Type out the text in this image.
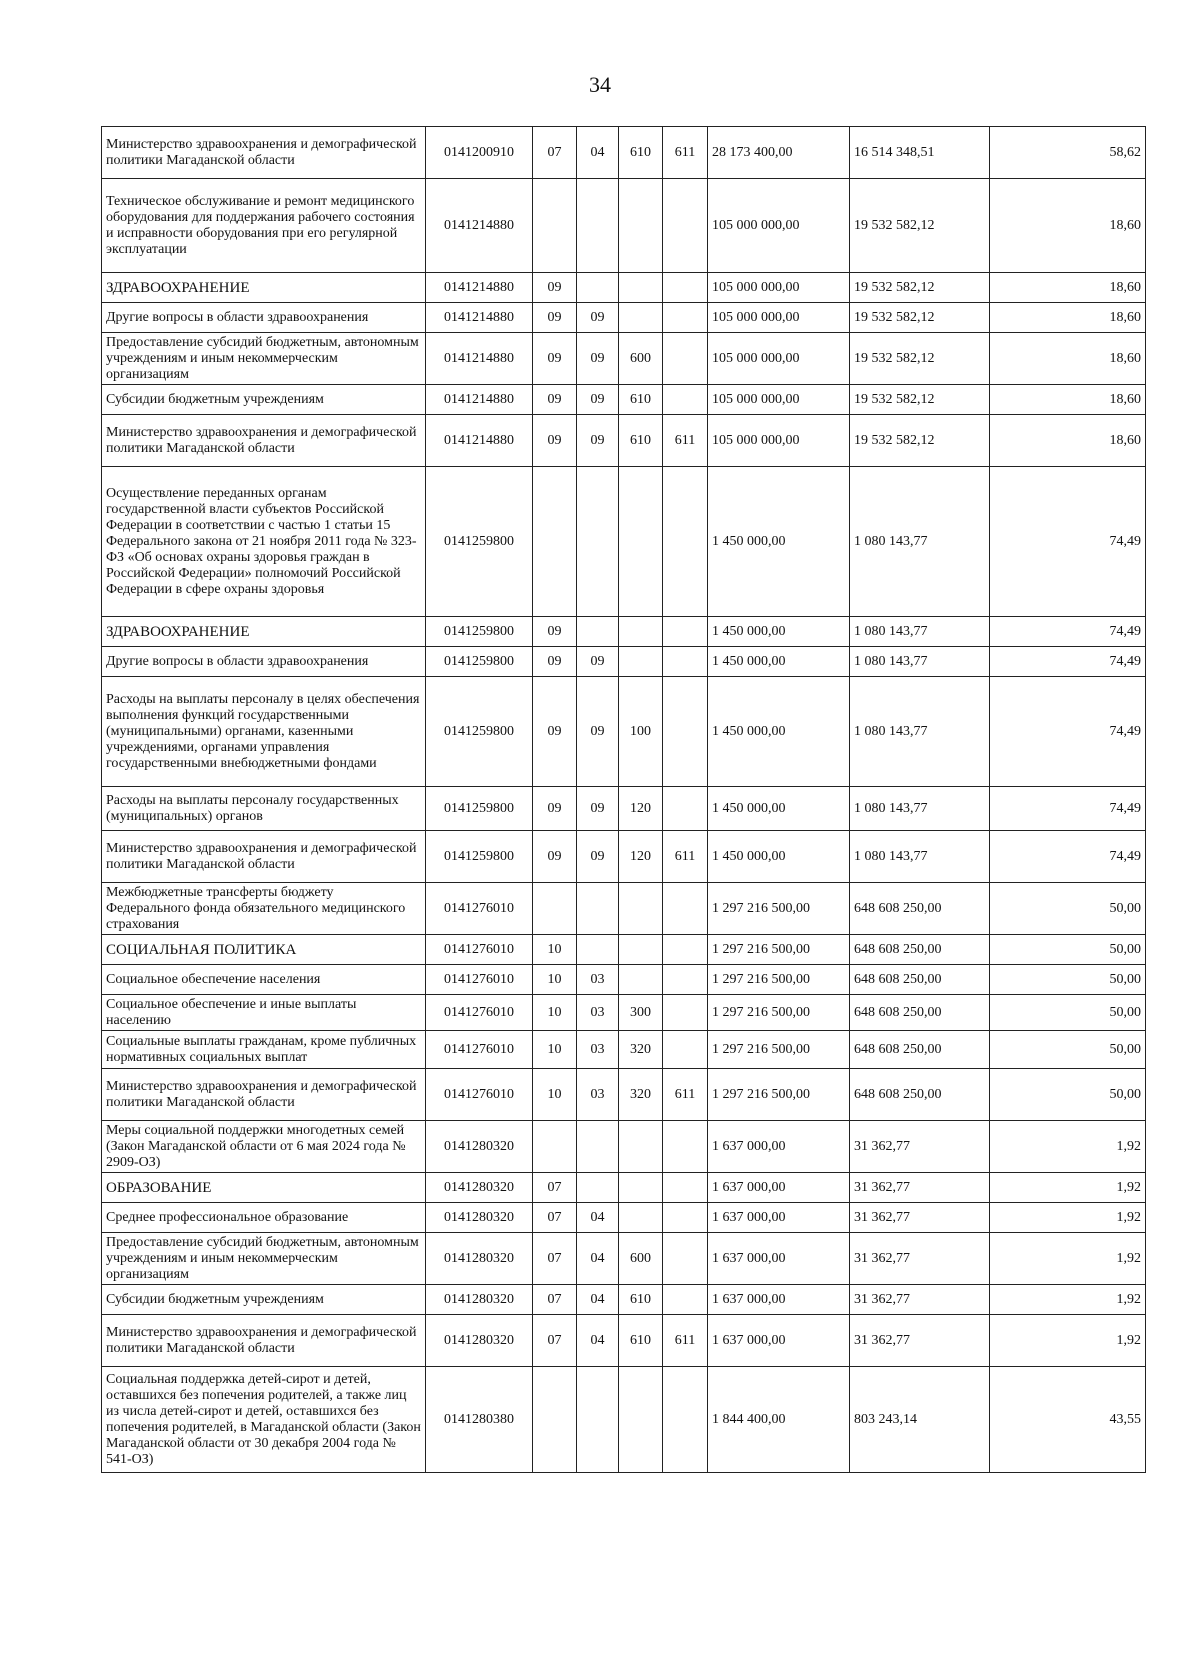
34
Министерство здравоохранения и демографической политики Магаданской области	0141200910	07	04	610	611	28 173 400,00	16 514 348,51	58,62
Техническое обслуживание и ремонт медицинского оборудования для поддержания рабочего состояния и исправности оборудования при его регулярной эксплуатации	0141214880					105 000 000,00	19 532 582,12	18,60
ЗДРАВООХРАНЕНИЕ	0141214880	09				105 000 000,00	19 532 582,12	18,60
Другие вопросы в области здравоохранения	0141214880	09	09			105 000 000,00	19 532 582,12	18,60
Предоставление субсидий бюджетным, автономным учреждениям и иным некоммерческим организациям	0141214880	09	09	600		105 000 000,00	19 532 582,12	18,60
Субсидии бюджетным учреждениям	0141214880	09	09	610		105 000 000,00	19 532 582,12	18,60
Министерство здравоохранения и демографической политики Магаданской области	0141214880	09	09	610	611	105 000 000,00	19 532 582,12	18,60
Осуществление переданных органам государственной власти субъектов Российской Федерации в соответствии с частью 1 статьи 15 Федерального закона от 21 ноября 2011 года № 323-ФЗ «Об основах охраны здоровья граждан в Российской Федерации» полномочий Российской Федерации в сфере охраны здоровья	0141259800					1 450 000,00	1 080 143,77	74,49
ЗДРАВООХРАНЕНИЕ	0141259800	09				1 450 000,00	1 080 143,77	74,49
Другие вопросы в области здравоохранения	0141259800	09	09			1 450 000,00	1 080 143,77	74,49
Расходы на выплаты персоналу в целях обеспечения выполнения функций государственными (муниципальными) органами, казенными учреждениями, органами управления государственными внебюджетными фондами	0141259800	09	09	100		1 450 000,00	1 080 143,77	74,49
Расходы на выплаты персоналу государственных (муниципальных) органов	0141259800	09	09	120		1 450 000,00	1 080 143,77	74,49
Министерство здравоохранения и демографической политики Магаданской области	0141259800	09	09	120	611	1 450 000,00	1 080 143,77	74,49
Межбюджетные трансферты бюджету Федерального фонда обязательного медицинского страхования	0141276010					1 297 216 500,00	648 608 250,00	50,00
СОЦИАЛЬНАЯ ПОЛИТИКА	0141276010	10				1 297 216 500,00	648 608 250,00	50,00
Социальное обеспечение населения	0141276010	10	03			1 297 216 500,00	648 608 250,00	50,00
Социальное обеспечение и иные выплаты населению	0141276010	10	03	300		1 297 216 500,00	648 608 250,00	50,00
Социальные выплаты гражданам, кроме публичных нормативных социальных выплат	0141276010	10	03	320		1 297 216 500,00	648 608 250,00	50,00
Министерство здравоохранения и демографической политики Магаданской области	0141276010	10	03	320	611	1 297 216 500,00	648 608 250,00	50,00
Меры социальной поддержки многодетных семей (Закон Магаданской области от 6 мая 2024 года № 2909-ОЗ)	0141280320					1 637 000,00	31 362,77	1,92
ОБРАЗОВАНИЕ	0141280320	07				1 637 000,00	31 362,77	1,92
Среднее профессиональное образование	0141280320	07	04			1 637 000,00	31 362,77	1,92
Предоставление субсидий бюджетным, автономным учреждениям и иным некоммерческим организациям	0141280320	07	04	600		1 637 000,00	31 362,77	1,92
Субсидии бюджетным учреждениям	0141280320	07	04	610		1 637 000,00	31 362,77	1,92
Министерство здравоохранения и демографической политики Магаданской области	0141280320	07	04	610	611	1 637 000,00	31 362,77	1,92
Социальная поддержка детей-сирот и детей, оставшихся без попечения родителей, а также лиц из числа детей-сирот и детей, оставшихся без попечения родителей, в Магаданской области (Закон Магаданской области от 30 декабря 2004 года № 541-ОЗ)	0141280380					1 844 400,00	803 243,14	43,55
